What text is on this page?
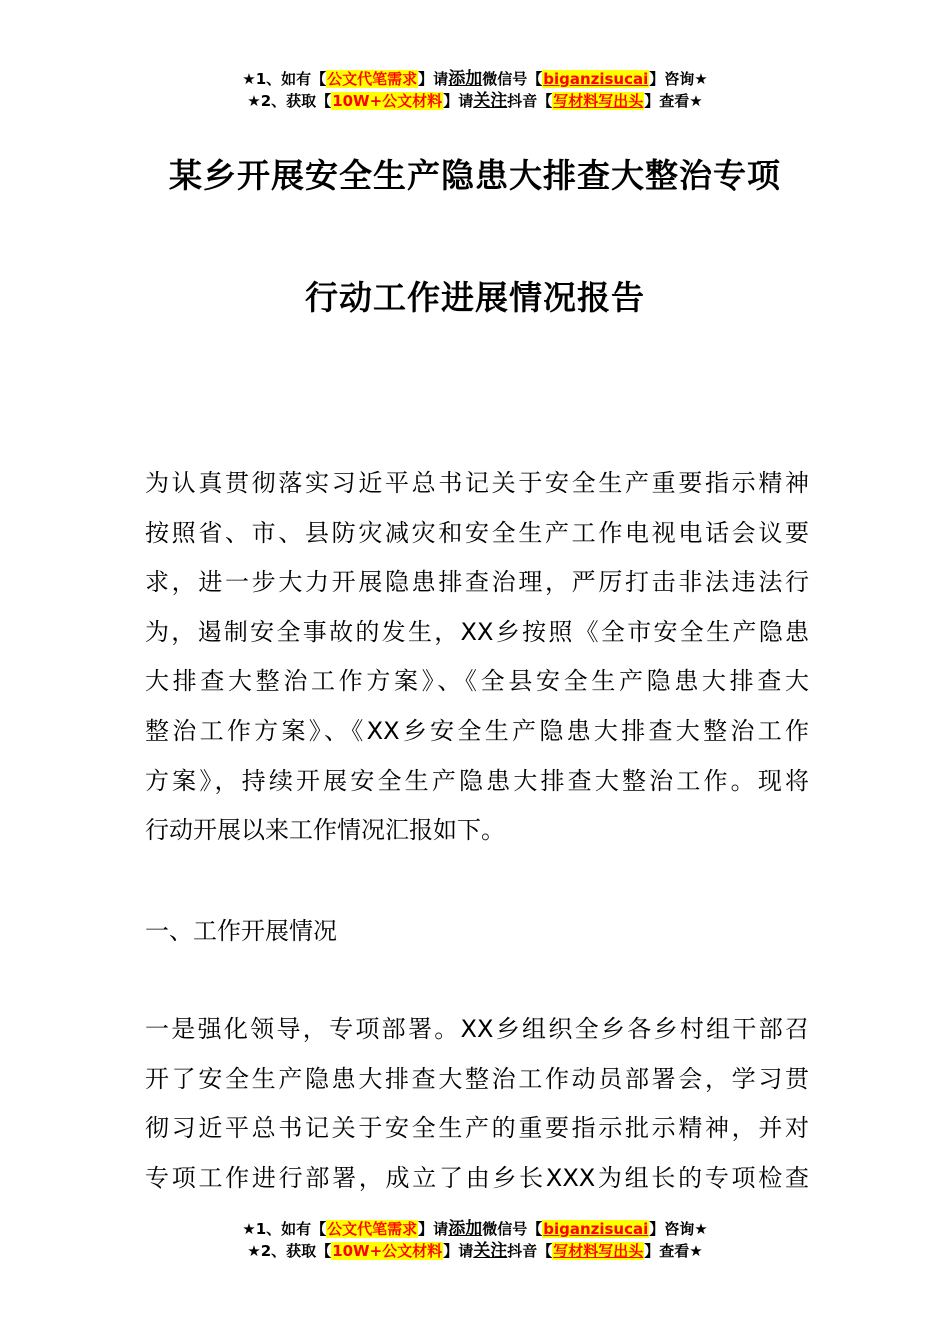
★1、如有【公文代笔需求】请添加微信号【biganzisucai】咨询★
★2、获取【10W+公文材料】请关注抖音【写材料写出头】查看★
某乡开展安全生产隐患大排查大整治专项
行动工作进展情况报告
为认真贯彻落实习近平总书记关于安全生产重要指示精神
按照省、市、县防灾减灾和安全生产工作电视电话会议要
求，进一步大力开展隐患排查治理，严厉打击非法违法行
为，遏制安全事故的发生，XX乡按照《全市安全生产隐患
大排查大整治工作方案》、《全县安全生产隐患大排查大
整治工作方案》、《XX乡安全生产隐患大排查大整治工作
方案》，持续开展安全生产隐患大排查大整治工作。现将
行动开展以来工作情况汇报如下。
一、工作开展情况
一是强化领导，专项部署。XX乡组织全乡各乡村组干部召
开了安全生产隐患大排查大整治工作动员部署会，学习贯
彻习近平总书记关于安全生产的重要指示批示精神，并对
专项工作进行部署，成立了由乡长XXX为组长的专项检查
★1、如有【公文代笔需求】请添加微信号【biganzisucai】咨询★
★2、获取【10W+公文材料】请关注抖音【写材料写出头】查看★
